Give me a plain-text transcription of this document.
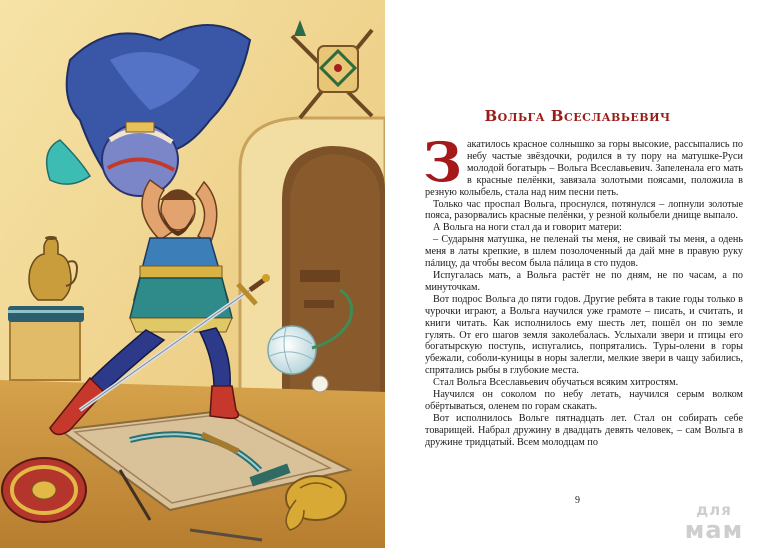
Вольга Всеславьевич

Закатилось красное солнышко за горы высокие, рассыпались по небу частые звёздочки, родился в ту пору на матушке-Руси молодой богатырь – Вольга Всеславьевич. Запеленала его мать в красные пелёнки, завязала золотыми поясами, положила в резную колыбель, стала над ним песни петь.

Только час проспал Вольга, проснулся, потянулся – лопнули золотые пояса, разорвались красные пелёнки, у резной колыбели днище выпало.

А Вольга на ноги стал да и говорит матери:

– Сударыня матушка, не пеленай ты меня, не свивай ты меня, а одень меня в латы крепкие, в шлем позолоченный да дай мне в правую руку пáлицу, да чтобы весом была пáлица в сто пудов.

Испугалась мать, а Вольга растёт не по дням, не по часам, а по минуточкам.

Вот подрос Вольга до пяти годов. Другие ребята в такие годы только в чурочки играют, а Вольга научился уже грамоте – писать, и считать, и книги читать. Как исполнилось ему шесть лет, пошёл он по земле гулять. От его шагов земля заколебалась. Услыхали звери и птицы его богатырскую поступь, испугались, попрятались. Туры-олени в горы убежали, соболи-куницы в норы залегли, мелкие звери в чащу забились, спрятались рыбы в глубокие места.

Стал Вольга Всеславьевич обучаться всяким хитростям.

Научился он соколом по небу летать, научился серым волком обёртываться, оленем по горам скакать.

Вот исполнилось Вольге пятнадцать лет. Стал он собирать себе товарищей. Набрал дружину в двадцать девять человек, – сам Вольга в дружине тридцатый. Всем молодцам по

9
для
мам
